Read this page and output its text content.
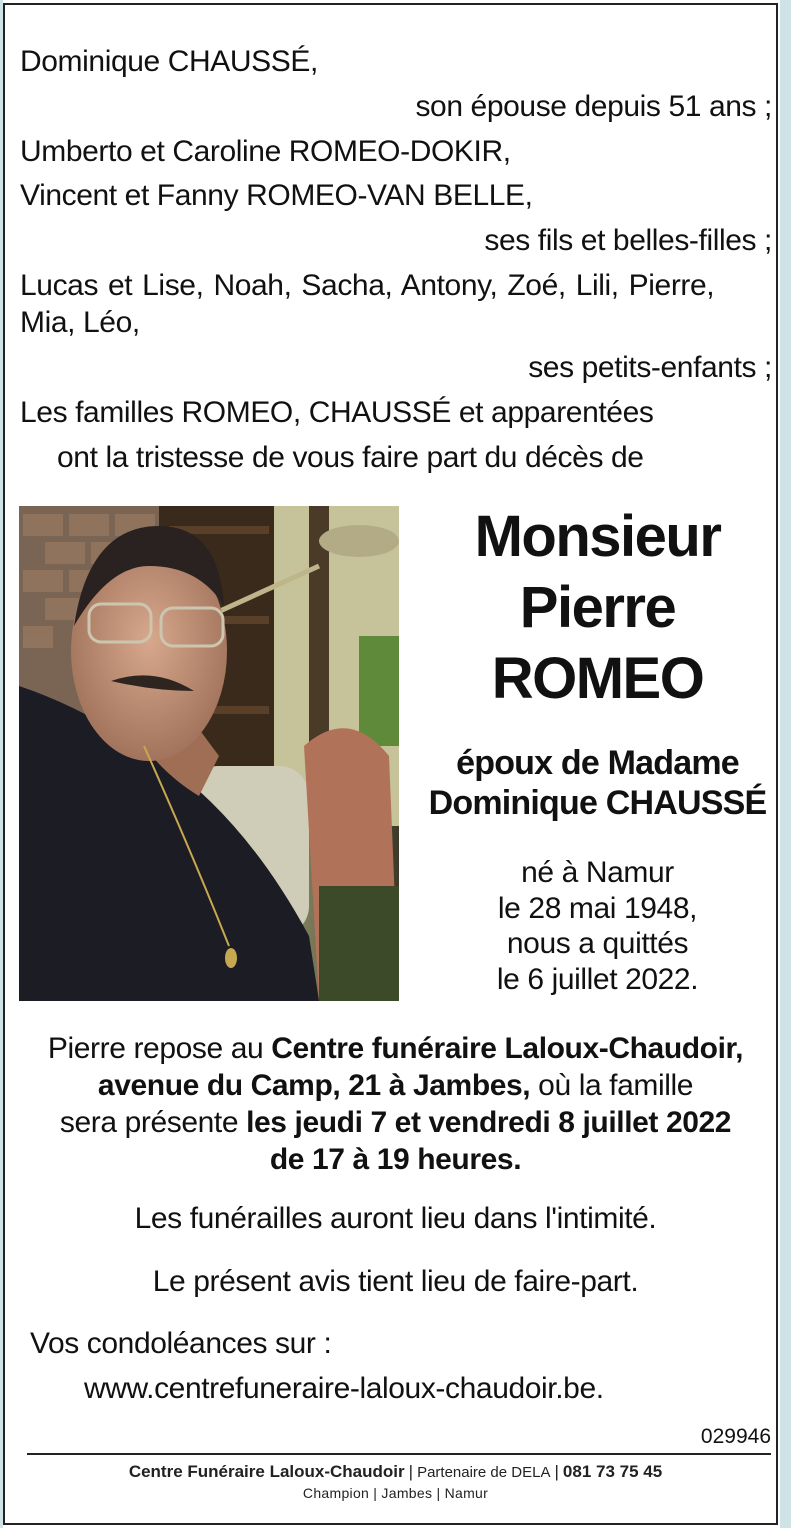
Dominique CHAUSSÉ,
son épouse depuis 51 ans ;
Umberto et Caroline ROMEO-DOKIR,
Vincent et Fanny ROMEO-VAN BELLE,
ses fils et belles-filles ;
Lucas et Lise, Noah, Sacha, Antony, Zoé, Lili, Pierre,
Mia, Léo,
ses petits-enfants ;
Les familles ROMEO, CHAUSSÉ et apparentées
ont la tristesse de vous faire part du décès de
Monsieur
Pierre
ROMEO
époux de Madame
Dominique CHAUSSÉ
né à Namur
le 28 mai 1948,
nous a quittés
le 6 juillet 2022.
Pierre repose au Centre funéraire Laloux-Chaudoir,
avenue du Camp, 21 à Jambes, où la famille
sera présente les jeudi 7 et vendredi 8 juillet 2022
de 17 à 19 heures.
Les funérailles auront lieu dans l'intimité.
Le présent avis tient lieu de faire-part.
Vos condoléances sur :
www.centrefuneraire-laloux-chaudoir.be.
029946
Centre Funéraire Laloux-Chaudoir | Partenaire de DELA | 081 73 75 45
Champion | Jambes | Namur
